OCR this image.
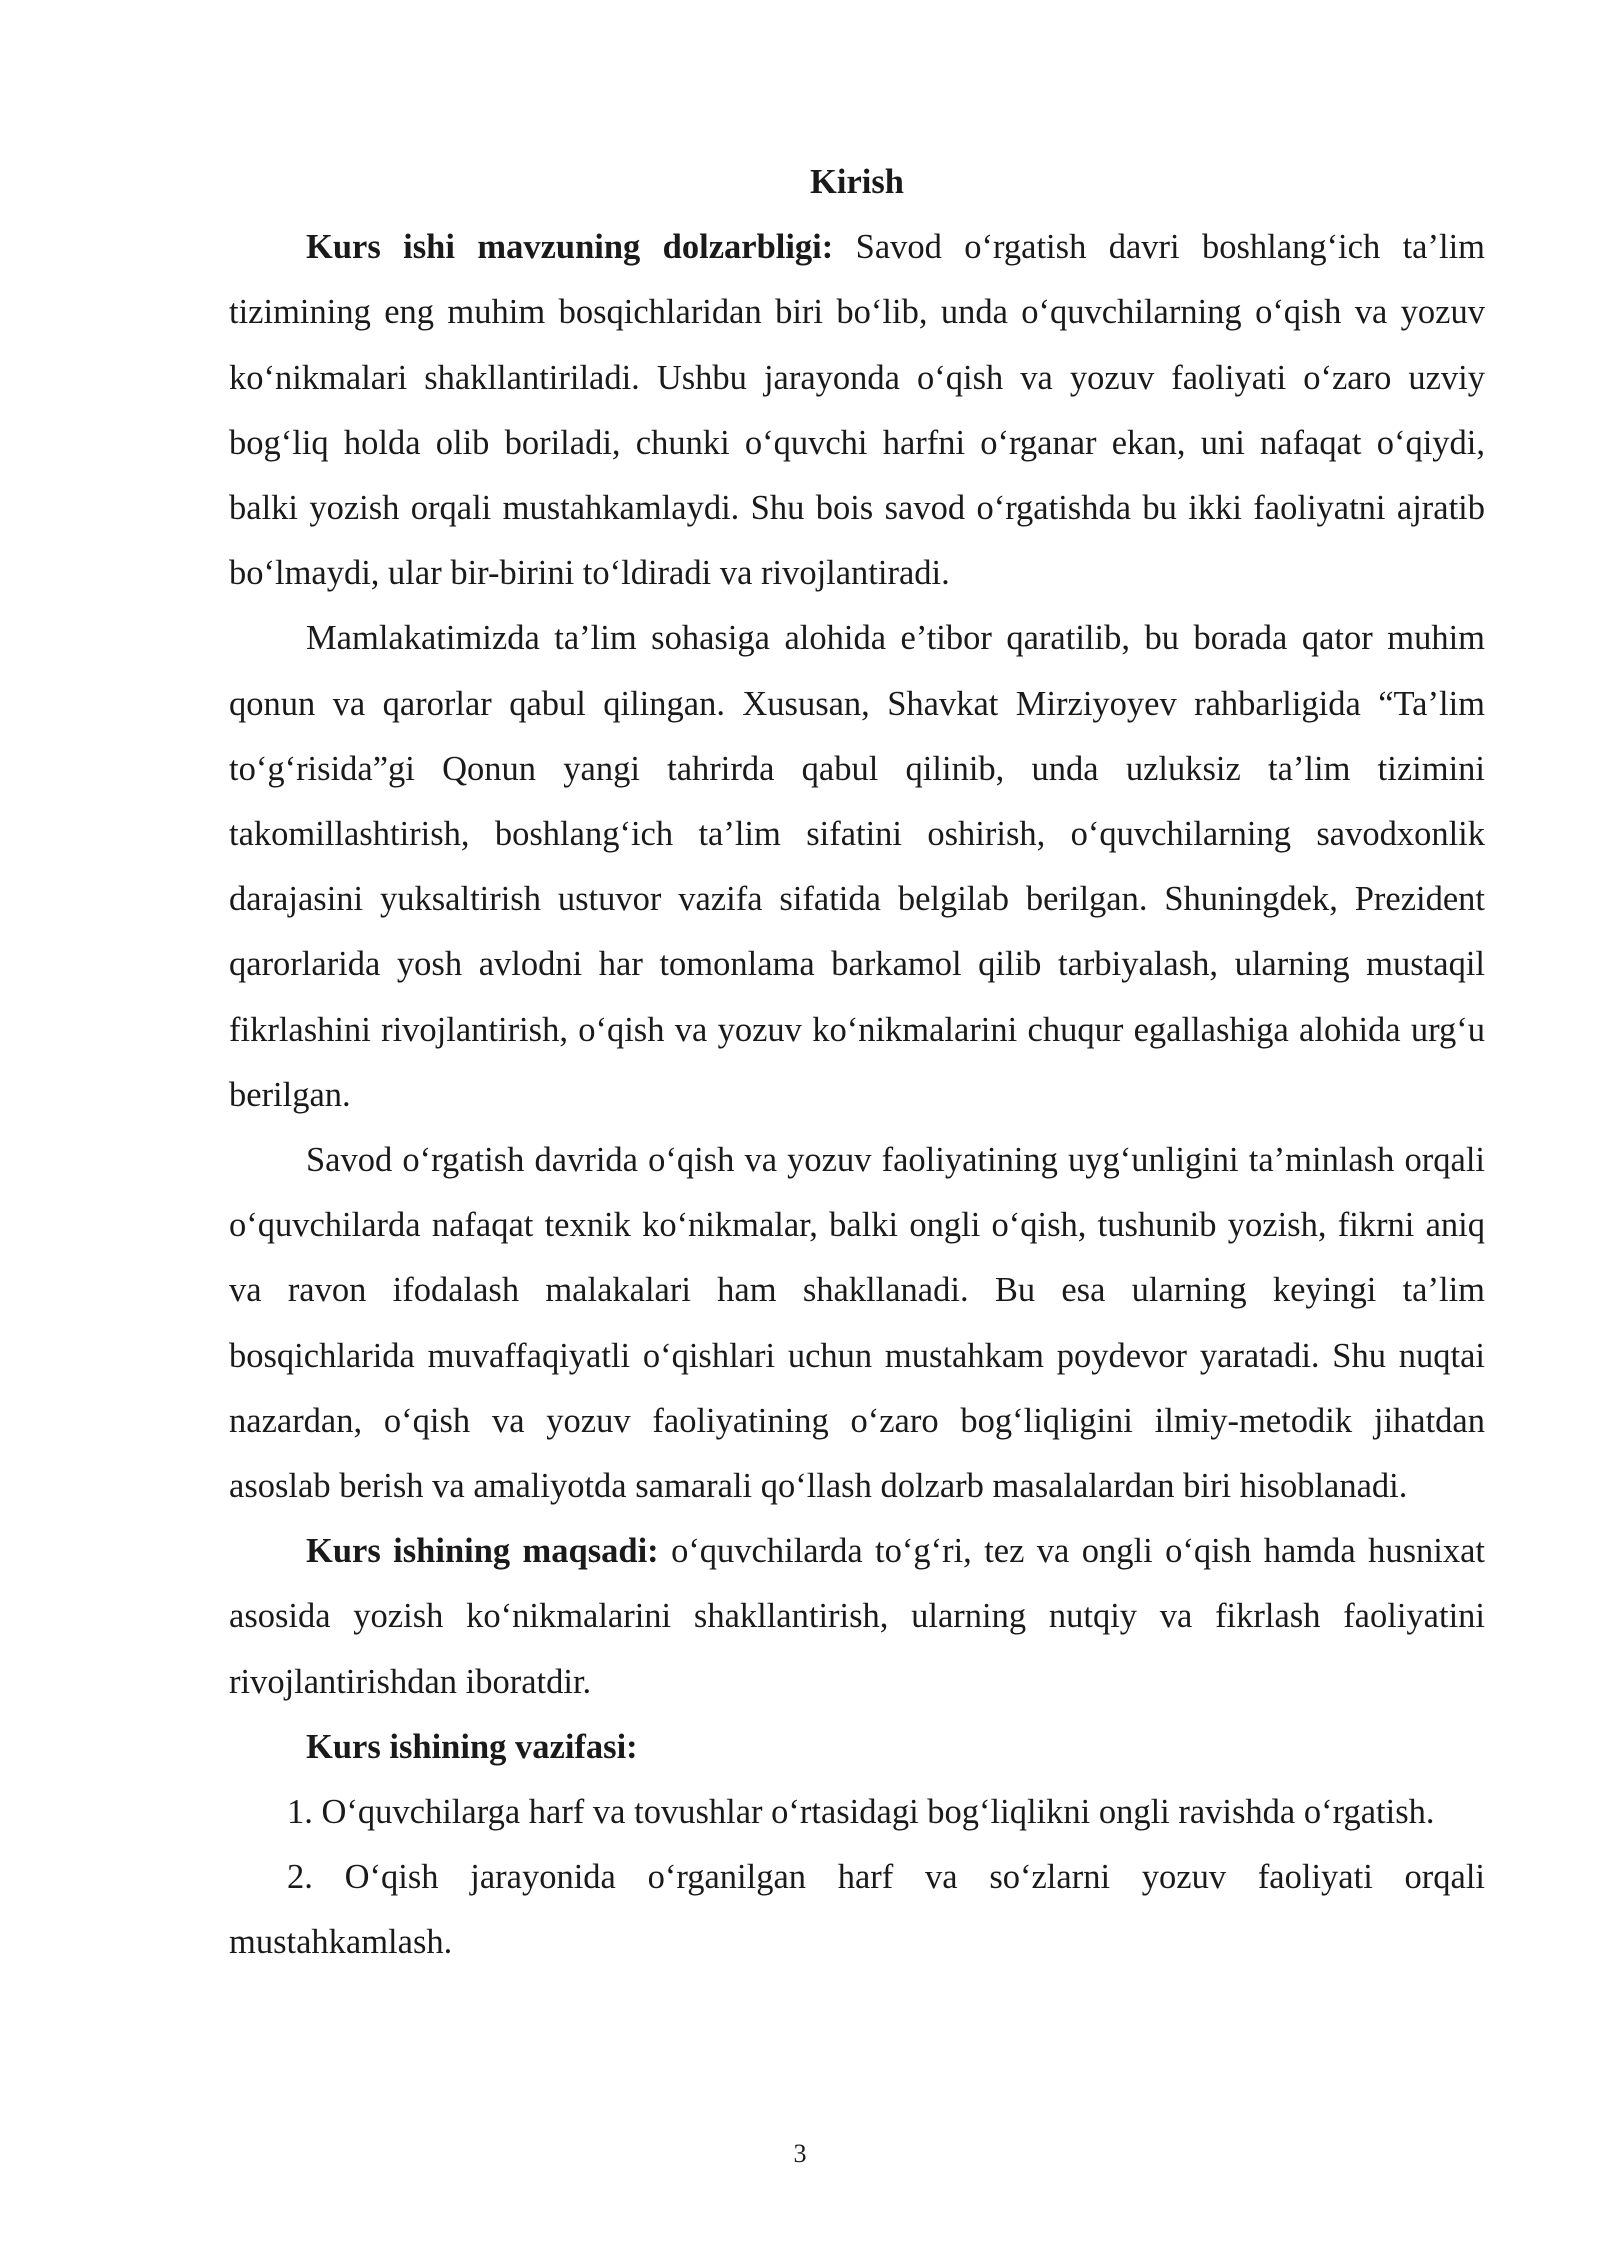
Kirish

Kurs ishi mavzuning dolzarbligi: Savod o‘rgatish davri boshlang‘ich ta’lim tizimining eng muhim bosqichlaridan biri bo‘lib, unda o‘quvchilarning o‘qish va yozuv ko‘nikmalari shakllantiriladi. Ushbu jarayonda o‘qish va yozuv faoliyati o‘zaro uzviy bog‘liq holda olib boriladi, chunki o‘quvchi harfni o‘rganar ekan, uni nafaqat o‘qiydi, balki yozish orqali mustahkamlaydi. Shu bois savod o‘rgatishda bu ikki faoliyatni ajratib bo‘lmaydi, ular bir-birini to‘ldiradi va rivojlantiradi.

Mamlakatimizda ta’lim sohasiga alohida e’tibor qaratilib, bu borada qator muhim qonun va qarorlar qabul qilingan. Xususan, Shavkat Mirziyoyev rahbarligida “Ta’lim to‘g‘risida”gi Qonun yangi tahrirda qabul qilinib, unda uzluksiz ta’lim tizimini takomillashtirish, boshlang‘ich ta’lim sifatini oshirish, o‘quvchilarning savodxonlik darajasini yuksaltirish ustuvor vazifa sifatida belgilab berilgan. Shuningdek, Prezident qarorlarida yosh avlodni har tomonlama barkamol qilib tarbiyalash, ularning mustaqil fikrlashini rivojlantirish, o‘qish va yozuv ko‘nikmalarini chuqur egallashiga alohida urg‘u berilgan.

Savod o‘rgatish davrida o‘qish va yozuv faoliyatining uyg‘unligini ta’minlash orqali o‘quvchilarda nafaqat texnik ko‘nikmalar, balki ongli o‘qish, tushunib yozish, fikrni aniq va ravon ifodalash malakalari ham shakllanadi. Bu esa ularning keyingi ta’lim bosqichlarida muvaffaqiyatli o‘qishlari uchun mustahkam poydevor yaratadi. Shu nuqtai nazardan, o‘qish va yozuv faoliyatining o‘zaro bog‘liqligini ilmiy-metodik jihatdan asoslab berish va amaliyotda samarali qo‘llash dolzarb masalalardan biri hisoblanadi.

Kurs ishining maqsadi: o‘quvchilarda to‘g‘ri, tez va ongli o‘qish hamda husnixat asosida yozish ko‘nikmalarini shakllantirish, ularning nutqiy va fikrlash faoliyatini rivojlantirishdan iboratdir.

Kurs ishining vazifasi:

1. O‘quvchilarga harf va tovushlar o‘rtasidagi bog‘liqlikni ongli ravishda o‘rgatish.

2. O‘qish jarayonida o‘rganilgan harf va so‘zlarni yozuv faoliyati orqali mustahkamlash.

3
